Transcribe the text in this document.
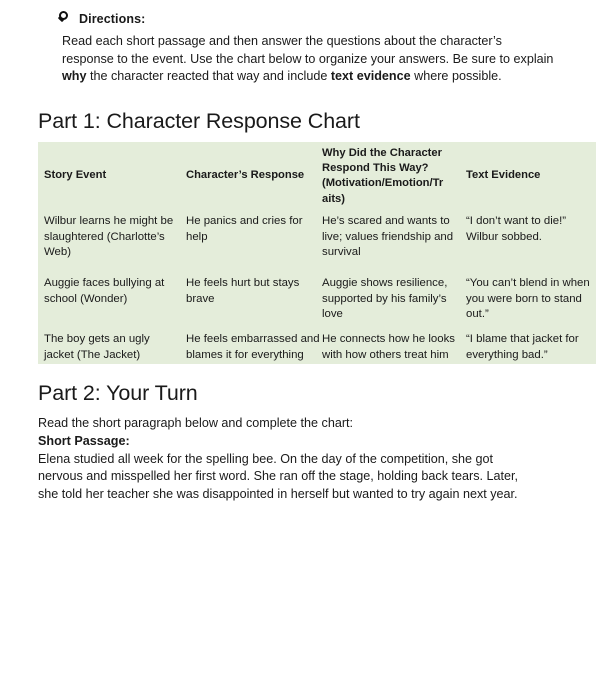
Directions:
Read each short passage and then answer the questions about the character’s response to the event. Use the chart below to organize your answers. Be sure to explain why the character reacted that way and include text evidence where possible.
Part 1: Character Response Chart
Story Event	Character’s Response
Why Did the Character Respond This Way? (Motivation/Emotion/Tr aits)
Text Evidence
Wilbur learns he might be slaughtered (Charlotte’s Web)
He panics and cries for help
He’s scared and wants to live; values friendship and survival
“I don’t want to die!” Wilbur sobbed.
Auggie faces bullying at school (Wonder)
He feels hurt but stays brave
Auggie shows resilience, supported by his family’s love
“You can’t blend in when you were born to stand out.”
The boy gets an ugly jacket (The Jacket)
He feels embarrassed and blames it for everything
He connects how he looks with how others treat him
“I blame that jacket for everything bad.”
Part 2: Your Turn
Read the short paragraph below and complete the chart:
Short Passage:
Elena studied all week for the spelling bee. On the day of the competition, she got nervous and misspelled her first word. She ran off the stage, holding back tears. Later, she told her teacher she was disappointed in herself but wanted to try again next year.
